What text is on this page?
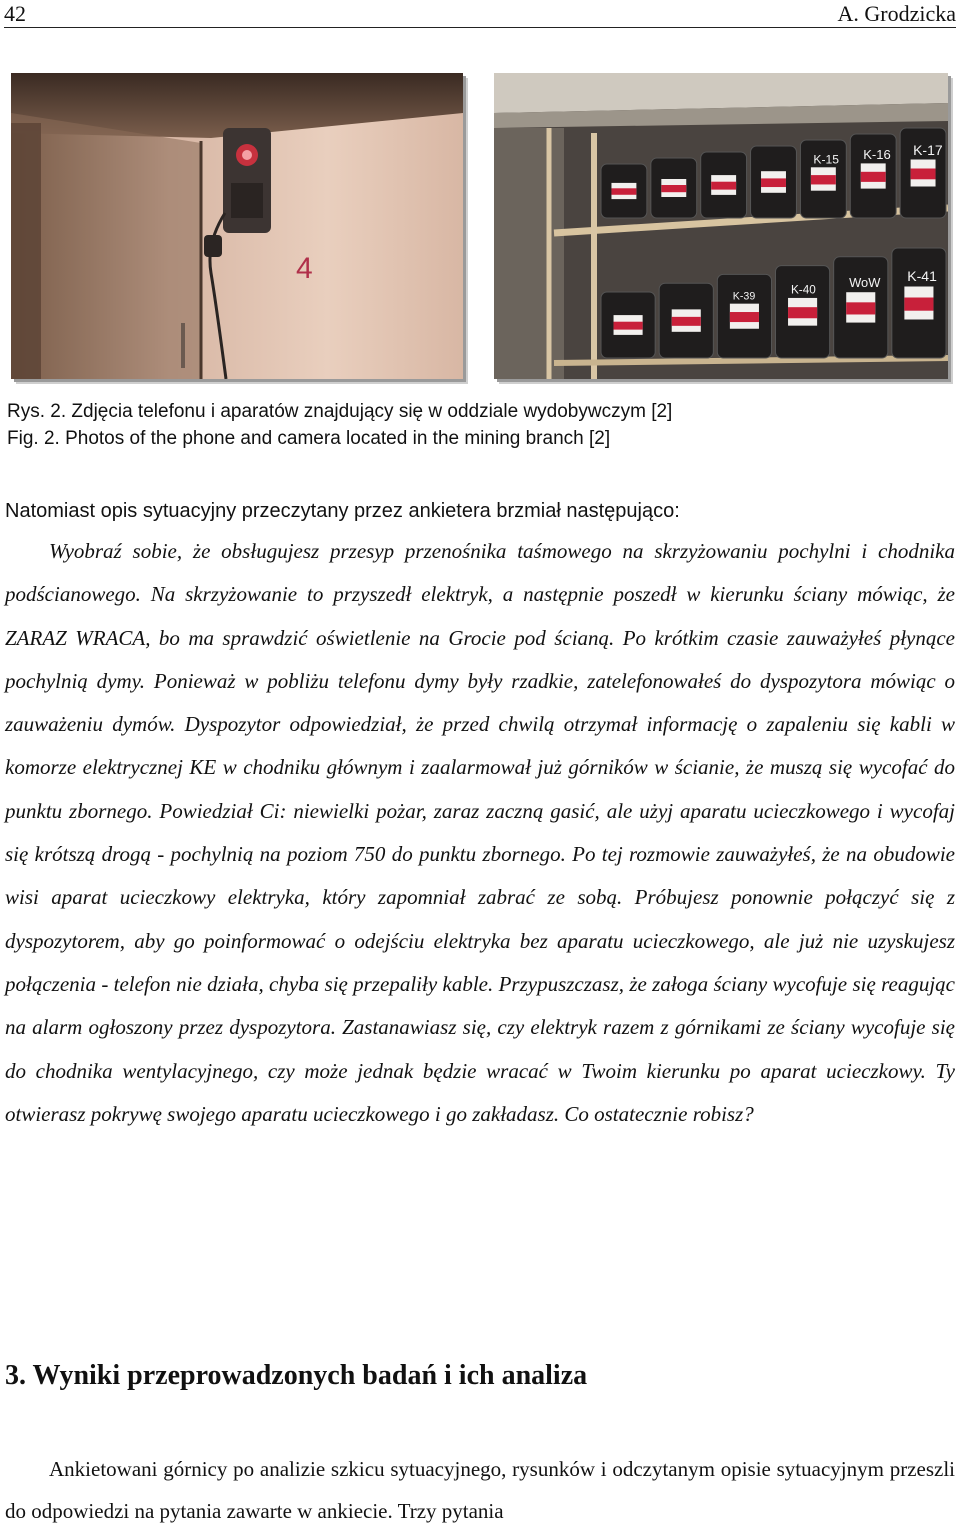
42	A. Grodzicka
4
K-15 K-16 K-17
K-39
K-40	WoW K-41
Rys. 2. Zdjęcia telefonu i aparatów znajdujący się w oddziale wydobywczym [2]
Fig. 2. Photos of the phone and camera located in the mining branch [2]
Natomiast opis sytuacyjny przeczytany przez ankietera brzmiał następująco:

Wyobraź sobie, że obsługujesz przesyp przenośnika taśmowego na skrzyżowaniu pochylni i chodnika podścianowego. Na skrzyżowanie to przyszedł elektryk, a następnie poszedł w kierunku ściany mówiąc, że ZARAZ WRACA, bo ma sprawdzić oświetlenie na Grocie pod ścianą. Po krótkim czasie zauważyłeś płynące pochylnią dymy. Ponieważ w pobliżu telefonu dymy były rzadkie, zatelefonowałeś do dyspozytora mówiąc o zauważeniu dymów. Dyspozytor odpowiedział, że przed chwilą otrzymał informację o zapaleniu się kabli w komorze elektrycznej KE w chodniku głównym i zaalarmował już górników w ścianie, że muszą się wycofać do punktu zbornego. Powiedział Ci: niewielki pożar, zaraz zaczną gasić, ale użyj aparatu ucieczkowego i wycofaj się krótszą drogą - pochylnią na poziom 750 do punktu zbornego. Po tej rozmowie zauważyłeś, że na obudowie wisi aparat ucieczkowy elektryka, który zapomniał zabrać ze sobą. Próbujesz ponownie połączyć się z dyspozytorem, aby go poinformować o odejściu elektryka bez aparatu ucieczkowego, ale już nie uzyskujesz połączenia - telefon nie działa, chyba się przepaliły kable. Przypuszczasz, że załoga ściany wycofuje się reagując na alarm ogłoszony przez dyspozytora. Zastanawiasz się, czy elektryk razem z górnikami ze ściany wycofuje się do chodnika wentylacyjnego, czy może jednak będzie wracać w Twoim kierunku po aparat ucieczkowy. Ty otwierasz pokrywę swojego aparatu ucieczkowego i go zakładasz. Co ostatecznie robisz?

3. Wyniki przeprowadzonych badań i ich analiza

Ankietowani górnicy po analizie szkicu sytuacyjnego, rysunków i odczytanym opisie sytuacyjnym przeszli do odpowiedzi na pytania zawarte w ankiecie. Trzy pytania
